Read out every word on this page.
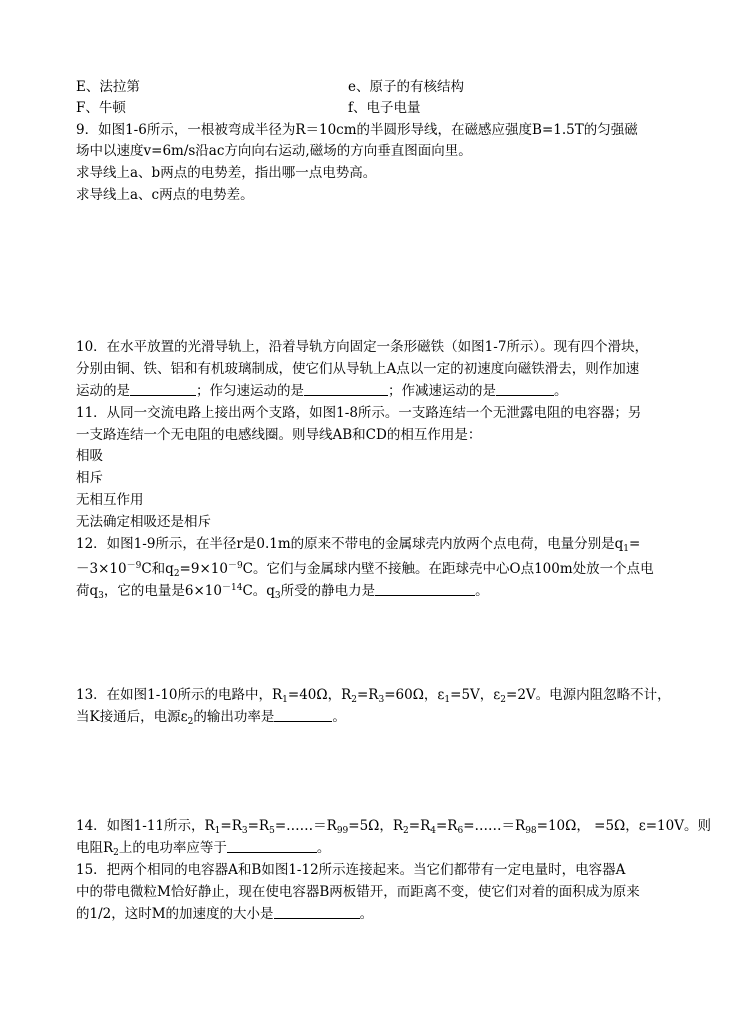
E、法拉第	e、原子的有核结构
F、牛顿	f、电子电量
9．如图1-6所示，一根被弯成半径为R＝10cm的半圆形导线，在磁感应强度B=1.5T的匀强磁
场中以速度v=6m/s沿ac方向向右运动,磁场的方向垂直图面向里。
求导线上a、b两点的电势差，指出哪一点电势高。
求导线上a、c两点的电势差。
10．在水平放置的光滑导轨上，沿着导轨方向固定一条形磁铁（如图1-7所示）。现有四个滑块，
分别由铜、铁、铝和有机玻璃制成，使它们从导轨上A点以一定的初速度向磁铁滑去，则作加速
运动的是	；作匀速运动的是	；作减速运动的是	。
11．从同一交流电路上接出两个支路，如图1-8所示。一支路连结一个无泄露电阻的电容器；另
一支路连结一个无电阻的电感线圈。则导线AB和CD的相互作用是：
相吸
相斥
无相互作用
无法确定相吸还是相斥
12．如图1-9所示，在半径r是0.1m的原来不带电的金属球壳内放两个点电荷，电量分别是$q_1=$
$-3\times 10^{-9}C$和$q_2=9\times 10^{-9}C$。它们与金属球内壁不接触。在距球壳中心O点100m处放一个点电
荷$q_3$，它的电量是$6\times 10^{-14}C$。$q_3$所受的静电力是	。
13．在如图1-10所示的电路中，$R_1=40\Omega$，$R_2=R_3=60\Omega$，$\varepsilon_1=5V$，$\varepsilon_2=2V$。电源内阻忽略不计，
当K接通后，电源$\varepsilon_2$的输出功率是	。
14．如图1-11所示，$R_1=R_3=R_5=\dots\dots=R_{99}=5\Omega$，$R_2=R_4=R_6=\dots\dots=R_{98}=10\Omega$， =5Ω，ε=10V。则
电阻$R_2$上的电功率应等于	。
15．把两个相同的电容器A和B如图1-12所示连接起来。当它们都带有一定电量时，电容器A
中的带电微粒M恰好静止，现在使电容器B两板错开，而距离不变，使它们对着的面积成为原来
的1/2，这时M的加速度的大小是	。
